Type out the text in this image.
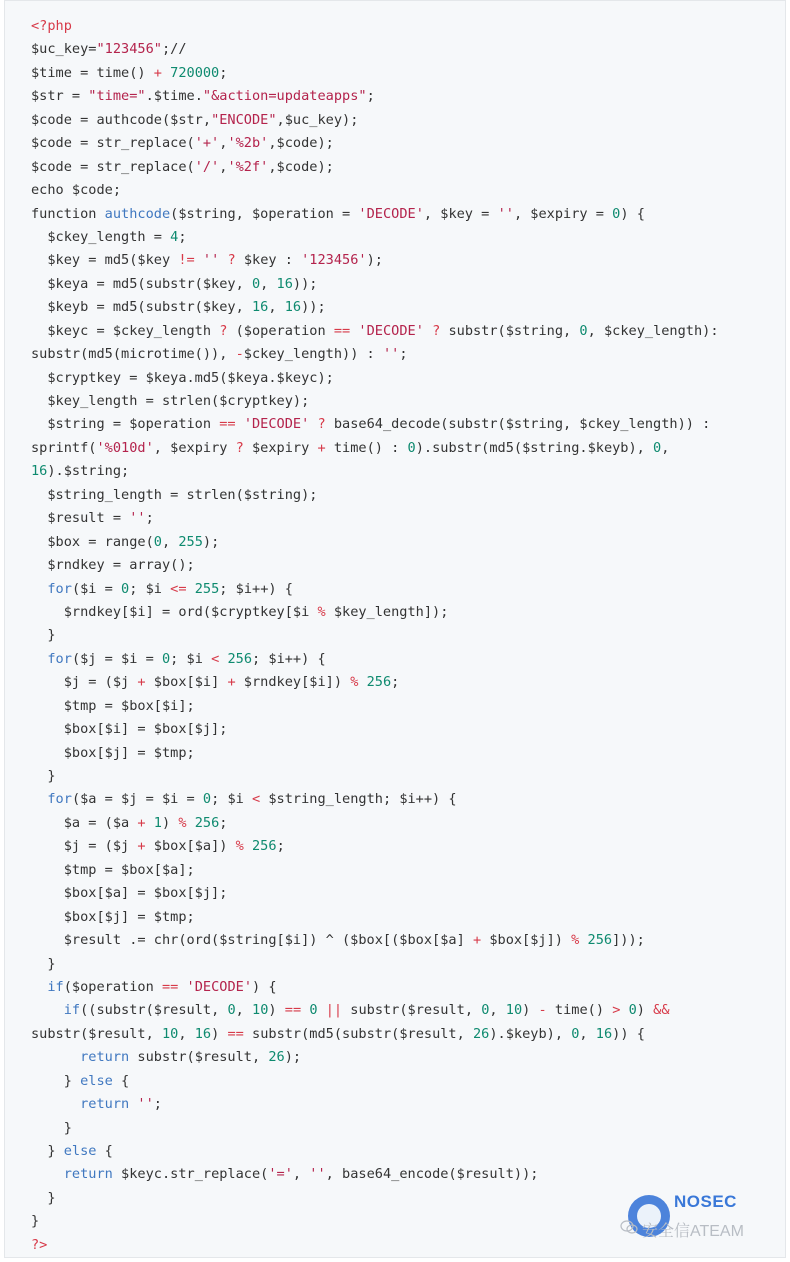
<?php
$uc_key="123456";//
$time = time() + 720000;
$str = "time=".$time."&action=updateapps";
$code = authcode($str,"ENCODE",$uc_key);
$code = str_replace('+','%2b',$code);
$code = str_replace('/','%2f',$code);
echo $code;
function authcode($string, $operation = 'DECODE', $key = '', $expiry = 0) {
$ckey_length = 4;
$key = md5($key != '' ? $key : '123456');
$keya = md5(substr($key, 0, 16));
$keyb = md5(substr($key, 16, 16));
$keyc = $ckey_length ? ($operation == 'DECODE' ? substr($string, 0, $ckey_length):
substr(md5(microtime()), -$ckey_length)) : '';
$cryptkey = $keya.md5($keya.$keyc);
$key_length = strlen($cryptkey);
$string = $operation == 'DECODE' ? base64_decode(substr($string, $ckey_length)) :
sprintf('%010d', $expiry ? $expiry + time() : 0).substr(md5($string.$keyb), 0,
16).$string;
$string_length = strlen($string);
$result = '';
$box = range(0, 255);
$rndkey = array();
for($i = 0; $i <= 255; $i++) {
$rndkey[$i] = ord($cryptkey[$i % $key_length]);
}
for($j = $i = 0; $i < 256; $i++) {
$j = ($j + $box[$i] + $rndkey[$i]) % 256;
$tmp = $box[$i];
$box[$i] = $box[$j];
$box[$j] = $tmp;
}
for($a = $j = $i = 0; $i < $string_length; $i++) {
$a = ($a + 1) % 256;
$j = ($j + $box[$a]) % 256;
$tmp = $box[$a];
$box[$a] = $box[$j];
$box[$j] = $tmp;
$result .= chr(ord($string[$i]) ^ ($box[($box[$a] + $box[$j]) % 256]));
}
if($operation == 'DECODE') {
if((substr($result, 0, 10) == 0 || substr($result, 0, 10) - time() > 0) &&
substr($result, 10, 16) == substr(md5(substr($result, 26).$keyb), 0, 16)) {
return substr($result, 26);
} else {
return '';
}
} else {
return $keyc.str_replace('=', '', base64_encode($result));
}
}
?>
NOSEC
安全信ATEAM
